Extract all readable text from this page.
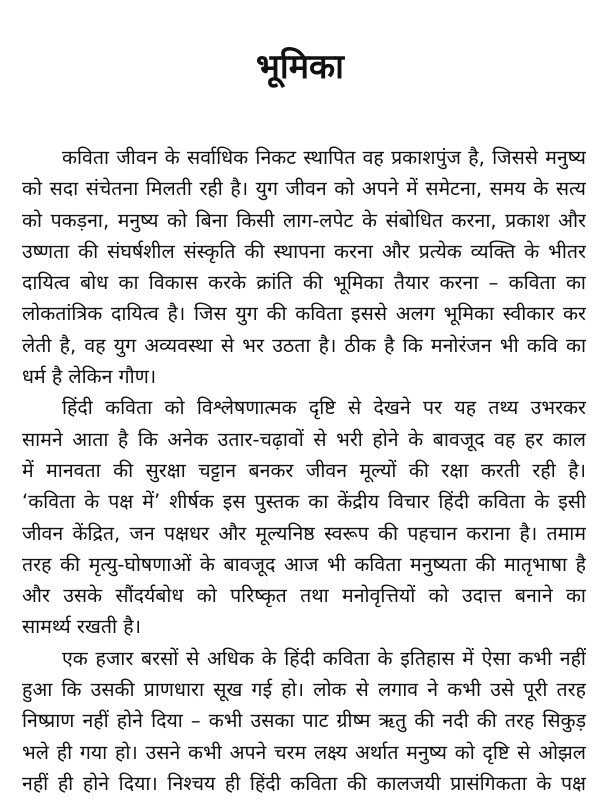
भूमिका
कविता जीवन के सर्वाधिक निकट स्थापित वह प्रकाशपुंज है, जिससे मनुष्य
को सदा संचेतना मिलती रही है। युग जीवन को अपने में समेटना, समय के सत्य
को पकड़ना, मनुष्य को बिना किसी लाग-लपेट के संबोधित करना, प्रकाश और
उष्णता की संघर्षशील संस्कृति की स्थापना करना और प्रत्येक व्यक्ति के भीतर
दायित्व बोध का विकास करके क्रांति की भूमिका तैयार करना – कविता का
लोकतांत्रिक दायित्व है। जिस युग की कविता इससे अलग भूमिका स्वीकार कर
लेती है, वह युग अव्यवस्था से भर उठता है। ठीक है कि मनोरंजन भी कवि का
धर्म है लेकिन गौण।
हिंदी कविता को विश्लेषणात्मक दृष्टि से देखने पर यह तथ्य उभरकर
सामने आता है कि अनेक उतार-चढ़ावों से भरी होने के बावजूद वह हर काल
में मानवता की सुरक्षा चट्टान बनकर जीवन मूल्यों की रक्षा करती रही है।
‘कविता के पक्ष में’ शीर्षक इस पुस्तक का केंद्रीय विचार हिंदी कविता के इसी
जीवन केंद्रित, जन पक्षधर और मूल्यनिष्ठ स्वरूप की पहचान कराना है। तमाम
तरह की मृत्यु-घोषणाओं के बावजूद आज भी कविता मनुष्यता की मातृभाषा है
और उसके सौंदर्यबोध को परिष्कृत तथा मनोवृत्तियों को उदात्त बनाने का
सामर्थ्य रखती है।
एक हजार बरसों से अधिक के हिंदी कविता के इतिहास में ऐसा कभी नहीं
हुआ कि उसकी प्राणधारा सूख गई हो। लोक से लगाव ने कभी उसे पूरी तरह
निष्प्राण नहीं होने दिया – कभी उसका पाट ग्रीष्म ऋतु की नदी की तरह सिकुड़
भले ही गया हो। उसने कभी अपने चरम लक्ष्य अर्थात मनुष्य को दृष्टि से ओझल
नहीं ही होने दिया। निश्चय ही हिंदी कविता की कालजयी प्रासंगिकता के पक्ष
